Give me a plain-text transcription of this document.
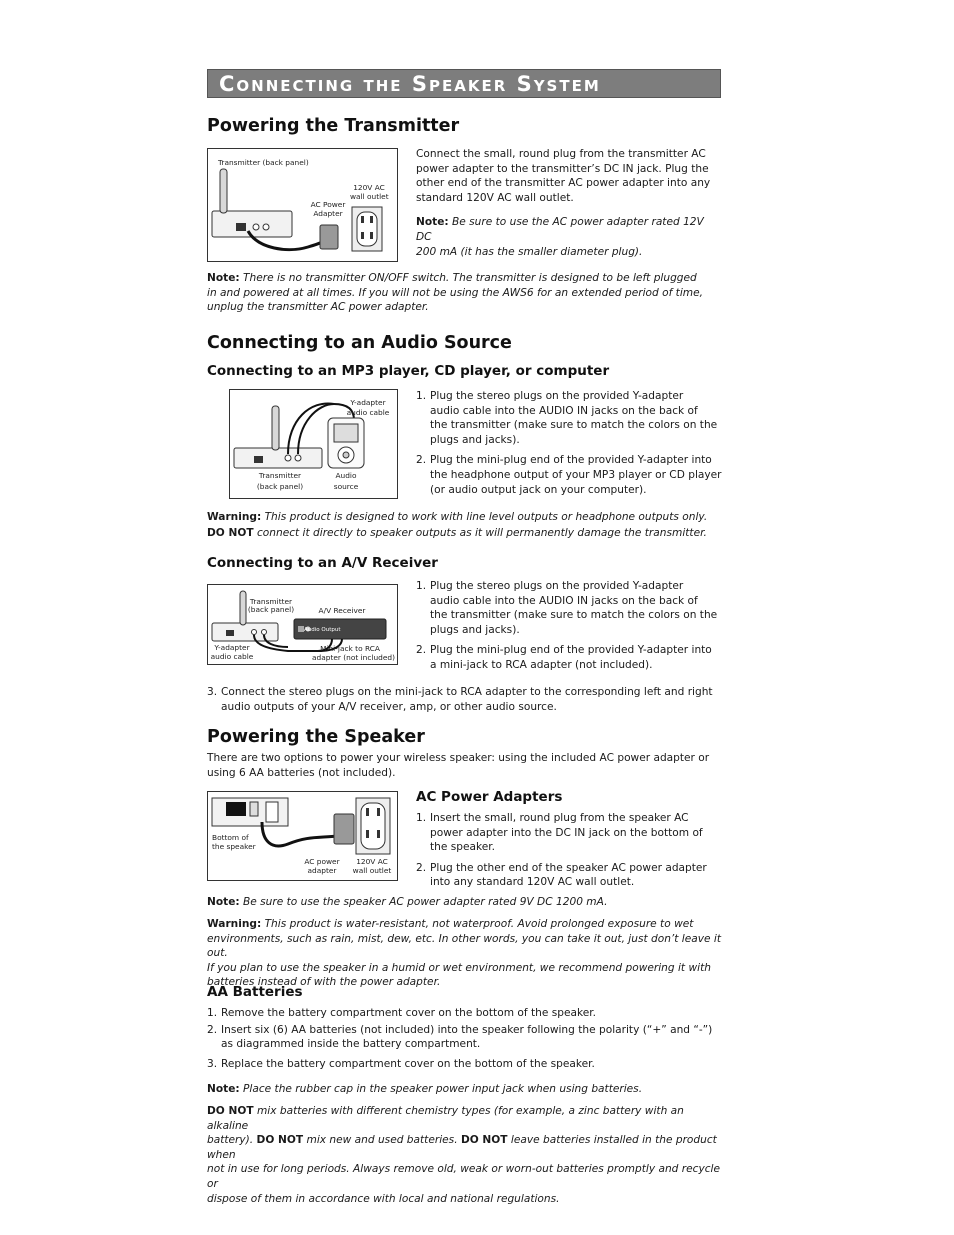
Connecting the Speaker System
Powering the Transmitter
Transmitter (back panel)
AC Power
Adapter
120V AC
wall outlet

Connect the small, round plug from the transmitter AC

power adapter to the transmitter’s DC IN jack. Plug the

other end of the transmitter AC power adapter into any

standard 120V AC wall outlet.

Note: Be sure to use the AC power adapter rated 12V DC

200 mA (it has the smaller diameter plug).

Note: There is no transmitter ON/OFF switch. The transmitter is designed to be left plugged

in and powered at all times. If you will not be using the AWS6 for an extended period of time,

unplug the transmitter AC power adapter.

Connecting to an Audio Source
Connecting to an MP3 player, CD player, or computer
Y-adapter
audio cable
Transmitter
(back panel)
Audio
source

1. Plug the stereo plugs on the provided Y-adapter

audio cable into the AUDIO IN jacks on the back of

the transmitter (make sure to match the colors on the

plugs and jacks).

2. Plug the mini-plug end of the provided Y-adapter into

the headphone output of your MP3 player or CD player

(or audio output jack on your computer).

Warning: This product is designed to work with line level outputs or headphone outputs only.

DO NOT connect it directly to speaker outputs as it will permanently damage the transmitter.

Connecting to an A/V Receiver
Audio Output
Transmitter
(back panel)	A/V Receiver
Y-adapter
audio cable
Mini-jack to RCA
adapter (not included)

1. Plug the stereo plugs on the provided Y-adapter

audio cable into the AUDIO IN jacks on the back of

the transmitter (make sure to match the colors on the

plugs and jacks).

2. Plug the mini-plug end of the provided Y-adapter into

a mini-jack to RCA adapter (not included).

3. Connect the stereo plugs on the mini-jack to RCA adapter to the corresponding left and right

audio outputs of your A/V receiver, amp, or other audio source.

Powering the Speaker

There are two options to power your wireless speaker: using the included AC power adapter or

using 6 AA batteries (not included).

Bottom of
the speaker
AC power
adapter
120V AC
wall outlet
AC Power Adapters

1. Insert the small, round plug from the speaker AC

power adapter into the DC IN jack on the bottom of

the speaker.

2. Plug the other end of the speaker AC power adapter

into any standard 120V AC wall outlet.

Note: Be sure to use the speaker AC power adapter rated 9V DC 1200 mA.

Warning: This product is water-resistant, not waterproof. Avoid prolonged exposure to wet

environments, such as rain, mist, dew, etc. In other words, you can take it out, just don’t leave it out.

If you plan to use the speaker in a humid or wet environment, we recommend powering it with

batteries instead of with the power adapter.

AA Batteries

1. Remove the battery compartment cover on the bottom of the speaker.

2. Insert six (6) AA batteries (not included) into the speaker following the polarity (“+” and “-”)

as diagrammed inside the battery compartment.

3. Replace the battery compartment cover on the bottom of the speaker.

Note: Place the rubber cap in the speaker power input jack when using batteries.

DO NOT mix batteries with different chemistry types (for example, a zinc battery with an alkaline

battery). DO NOT mix new and used batteries. DO NOT leave batteries installed in the product when

not in use for long periods. Always remove old, weak or worn-out batteries promptly and recycle or

dispose of them in accordance with local and national regulations.
